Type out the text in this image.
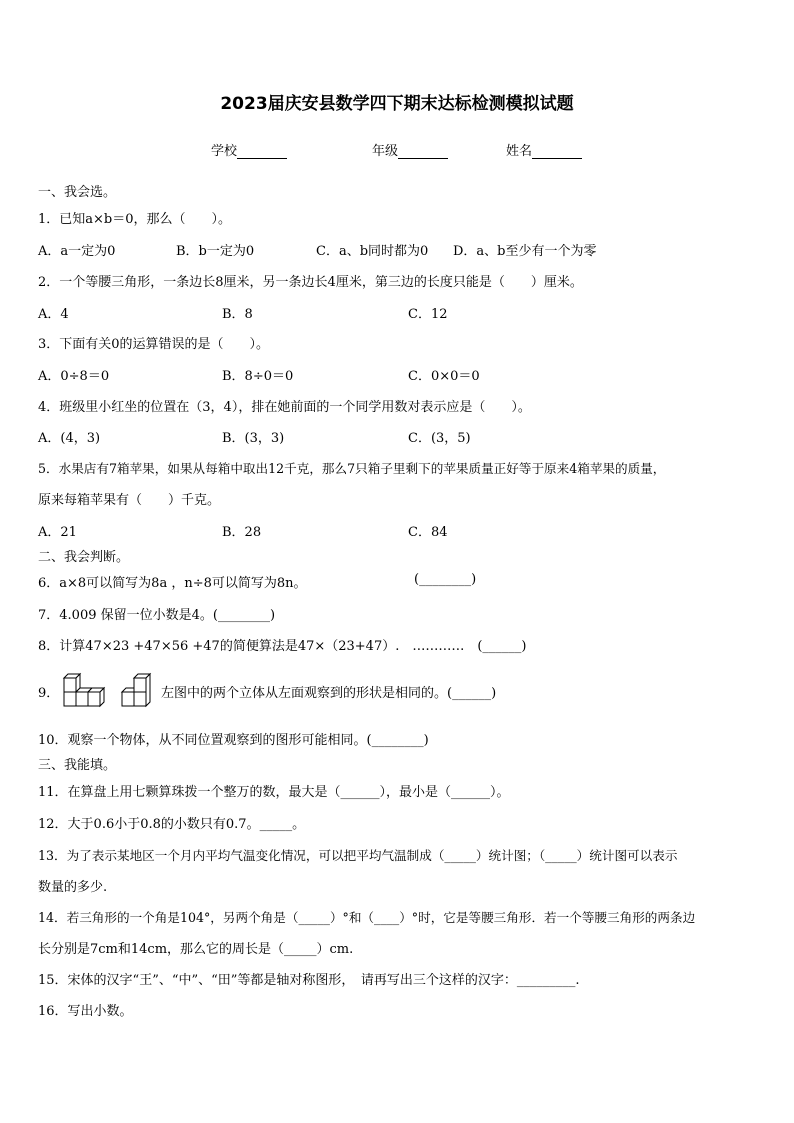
2023届庆安县数学四下期末达标检测模拟试题
学校	年级	姓名
一、我会选。
1．已知a×b＝0，那么（　　）。
A．a一定为0	B．b一定为0	C．a、b同时都为0 D．a、b至少有一个为零
2．一个等腰三角形，一条边长8厘米，另一条边长4厘米，第三边的长度只能是（　　）厘米。
A．4	B．8	C．12
3．下面有关0的运算错误的是（　　）。
A．0÷8＝0	B．8÷0＝0	C．0×0＝0
4．班级里小红坐的位置在（3，4），排在她前面的一个同学用数对表示应是（　　）。
A．(4，3)	B．(3，3)	C．(3，5)
5．水果店有7箱苹果，如果从每箱中取出12千克，那么7只箱子里剩下的苹果质量正好等于原来4箱苹果的质量，
原来每箱苹果有（　　）千克。
A．21	B．28	C．84
二、我会判断。
6．a×8可以简写为8a ，n÷8可以简写为8n。	(________)
7．4.009 保留一位小数是4。(________)
8．计算47×23 +47×56 +47的简便算法是47×（23+47）.　…………　(______)
9．	左图中的两个立体从左面观察到的形状是相同的。(______)
10．观察一个物体，从不同位置观察到的图形可能相同。(________)
三、我能填。
11．在算盘上用七颗算珠拨一个整万的数，最大是（______），最小是（______）。
12．大于0.6小于0.8的小数只有0.7。_____。
13．为了表示某地区一个月内平均气温变化情况，可以把平均气温制成（_____）统计图；（_____）统计图可以表示
数量的多少.
14．若三角形的一个角是104°，另两个角是（_____）°和（____）°时，它是等腰三角形．若一个等腰三角形的两条边
长分别是7cm和14cm，那么它的周长是（_____）cm.
15．宋体的汉字“王”、“中”、“田”等都是轴对称图形，　请再写出三个这样的汉字：_________.
16．写出小数。
